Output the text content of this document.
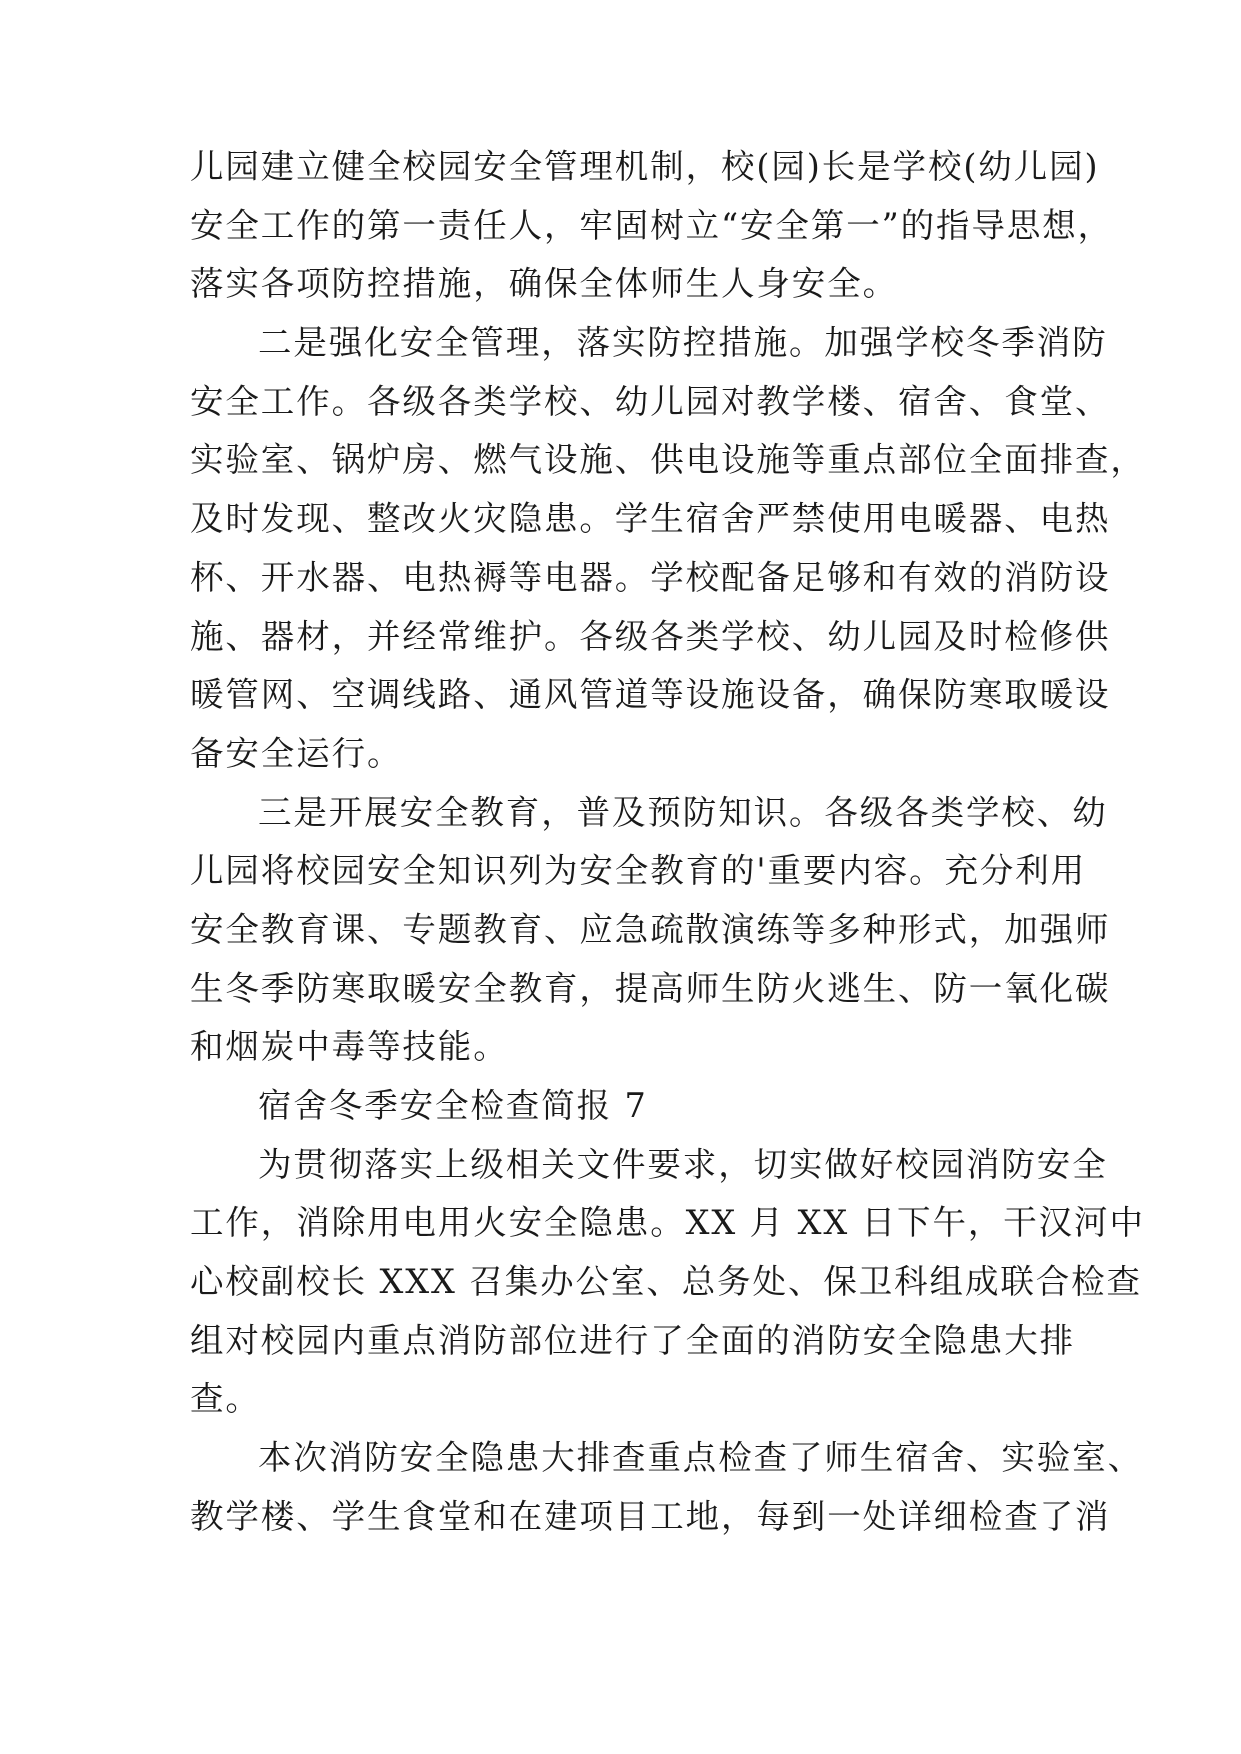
儿园建立健全校园安全管理机制，校(园)长是学校(幼儿园)
安全工作的第一责任人，牢固树立“安全第一”的指导思想，
落实各项防控措施，确保全体师生人身安全。
二是强化安全管理，落实防控措施。加强学校冬季消防
安全工作。各级各类学校、幼儿园对教学楼、宿舍、食堂、
实验室、锅炉房、燃气设施、供电设施等重点部位全面排查，
及时发现、整改火灾隐患。学生宿舍严禁使用电暖器、电热
杯、开水器、电热褥等电器。学校配备足够和有效的消防设
施、器材，并经常维护。各级各类学校、幼儿园及时检修供
暖管网、空调线路、通风管道等设施设备，确保防寒取暖设
备安全运行。
三是开展安全教育，普及预防知识。各级各类学校、幼
儿园将校园安全知识列为安全教育的'重要内容。充分利用
安全教育课、专题教育、应急疏散演练等多种形式，加强师
生冬季防寒取暖安全教育，提高师生防火逃生、防一氧化碳
和烟炭中毒等技能。
宿舍冬季安全检查简报 7
为贯彻落实上级相关文件要求，切实做好校园消防安全
工作，消除用电用火安全隐患。XX 月 XX 日下午，干汉河中
心校副校长 XXX 召集办公室、总务处、保卫科组成联合检查
组对校园内重点消防部位进行了全面的消防安全隐患大排
查。
本次消防安全隐患大排查重点检查了师生宿舍、实验室、
教学楼、学生食堂和在建项目工地，每到一处详细检查了消
